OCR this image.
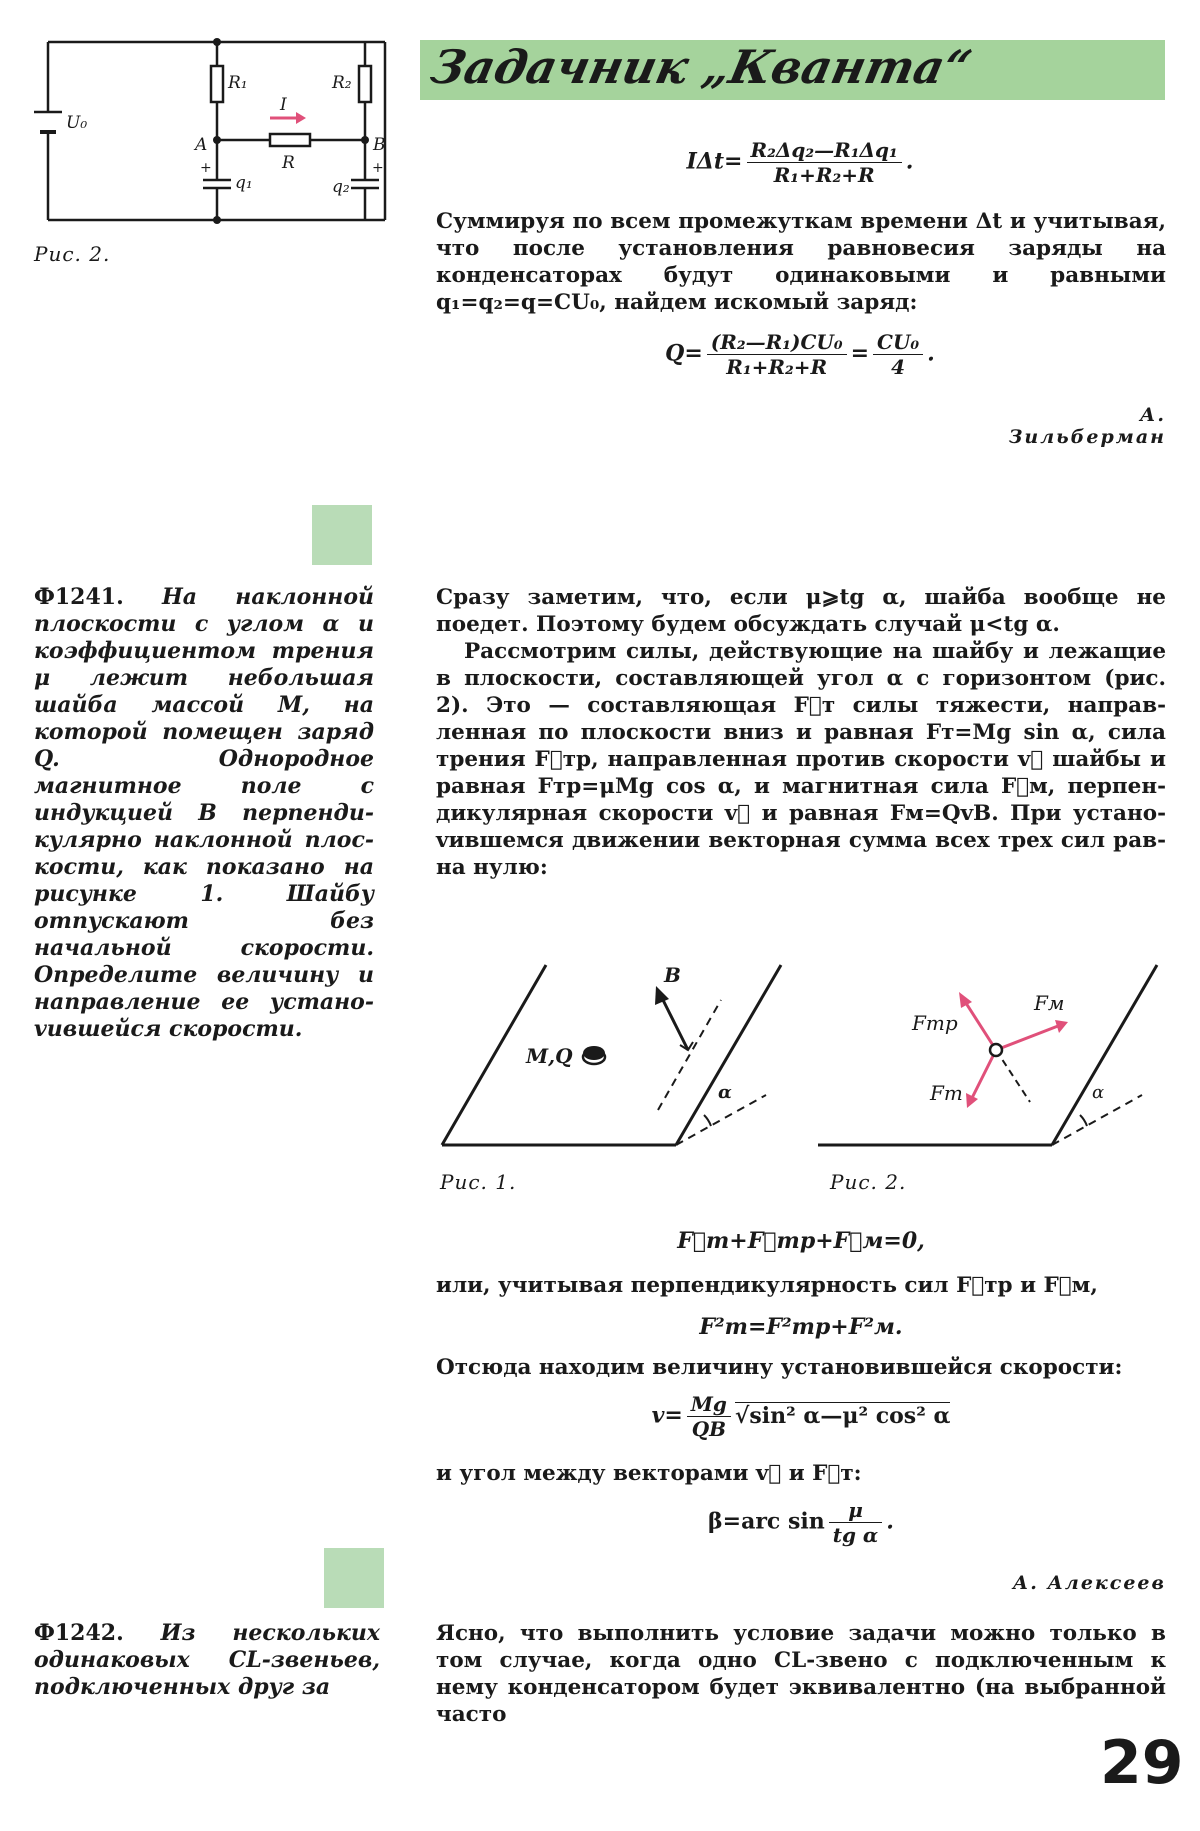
U₀
R₁	R₂
I
R
A	B
q₁	q₂
+	+
Рис. 2.
Задачник „Кванта“
$I\Delta t= \frac{\text{R₂Δq₂—R₁Δq₁}}{\text{R₁+R₂+R}}$ .

Суммируя по всем промежуткам времени Δt и учитывая, что после установления равновесия заряды на конденсаторах будут одинаковыми и равными q₁=q₂=q=CU₀, найдем искомый заряд:

$Q= \frac{\text{(R₂—R₁)CU₀}}{\text{R₁+R₂+R}} = \frac{\text{CU₀}}{4}$ .
А. Зильберман
Ф1241. На наклонной плоскости с углом α и коэффициентом трения μ лежит небольшая шайба массой M, на которой помещен заряд Q. Однородное магнитное поле с индукцией B перпендикулярно наклонной плоскости, как показано на рисунке 1. Шайбу отпускают без начальной скорости. Определите величину и направление ее устаноvившейся скорости.

Сразу заметим, что, если μ⩾tg α, шайба вообще не поедет. Поэтому будем обсуждать случай μ<tg α.

Рассмотрим силы, действующие на шайбу и лежащие в плоскости, составляющей угол α с горизонтом (рис. 2). Это — составляющая F⃗т силы тяжести, направленная по плоскости вниз и равная Fт=Mg sin α, сила трения F⃗тр, направленная против скорости v⃗ шайбы и равная Fтр=μMg cos α, и магнитная сила F⃗м, перпендикулярная скорости v⃗ и равная Fм=QvB. При устаноvившемся движении векторная сумма всех трех сил равна нулю:

M,Q
B
α
Рис. 1.
Fтр
Fм
Fт	α
Рис. 2.
F⃗т+F⃗тр+F⃗м=0,

или, учитывая перпендикулярность сил F⃗тр и F⃗м,

F²т=F²тр+F²м.

Отсюда находим величину установившейся скорости:

$v= \frac{Mg}{QB} √\sin^2$ α—μ² cos² α

и угол между векторами v⃗ и F⃗т:

β=arc $\sin \frac{\mu}{\text{tg α}}$ .
А. Алексеев
Ф1242. Из нескольких одинаковых CL-звеньев, подключенных друг за

Ясно, что выполнить условие задачи можно только в том случае, когда одно CL-звено с подключенным к нему конденсатором будет эквивалентно (на выбранной часто

29
